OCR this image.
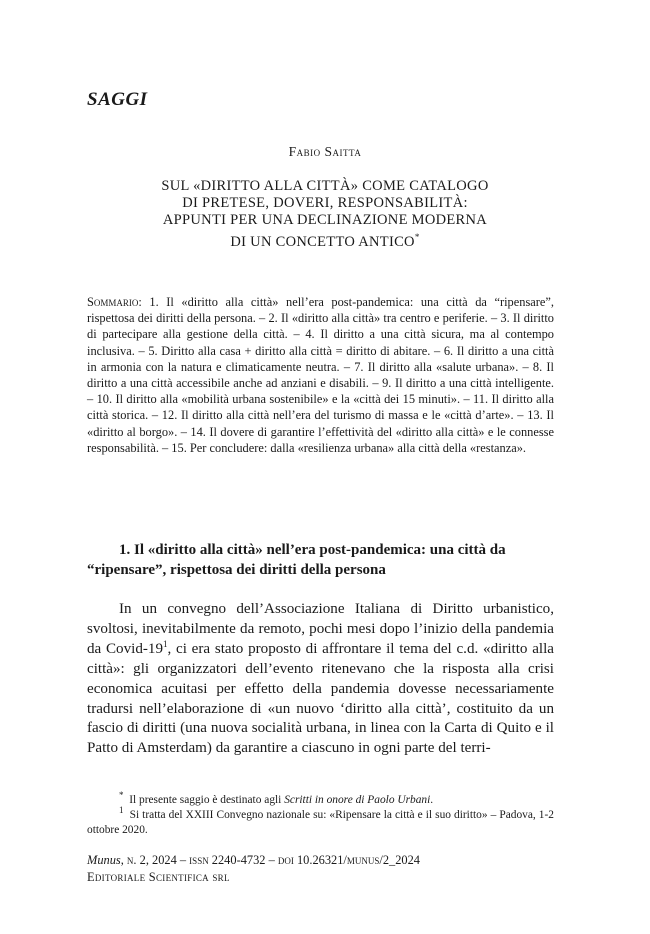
SAGGI

Fabio Saitta

SUL «DIRITTO ALLA CITTÀ» COME CATALOGO
DI PRETESE, DOVERI, RESPONSABILITÀ:
APPUNTI PER UNA DECLINAZIONE MODERNA
DI UN CONCETTO ANTICO*

Sommario: 1. Il «diritto alla città» nell’era post-pandemica: una città da “ripensare”, rispettosa dei diritti della persona. – 2. Il «diritto alla città» tra centro e periferie. – 3. Il diritto di partecipare alla gestione della città. – 4. Il diritto a una città sicura, ma al contempo inclusiva. – 5. Diritto alla casa + diritto alla città = diritto di abitare. – 6. Il diritto a una città in armonia con la natura e climaticamente neutra. – 7. Il diritto alla «salute urbana». – 8. Il diritto a una città accessibile anche ad anziani e disabili. – 9. Il diritto a una città intelligente. – 10. Il diritto alla «mobilità urbana sostenibile» e la «città dei 15 minuti». – 11. Il diritto alla città storica. – 12. Il diritto alla città nell’era del turismo di massa e le «città d’arte». – 13. Il «diritto al borgo». – 14. Il dovere di garantire l’effettività del «diritto alla città» e le connesse responsabilità. – 15. Per concludere: dalla «resilienza urbana» alla città della «restanza».

1. Il «diritto alla città» nell’era post-pandemica: una città da “ripensare”, rispettosa dei diritti della persona

In un convegno dell’Associazione Italiana di Diritto urbanistico, svoltosi, inevitabilmente da remoto, pochi mesi dopo l’inizio della pandemia da Covid-$19^1$, ci era stato proposto di affrontare il tema del c.d. «diritto alla città»: gli organizzatori dell’evento ritenevano che la risposta alla crisi economica acuitasi per effetto della pandemia dovesse necessariamente tradursi nell’elaborazione di «un nuovo ‘diritto alla città’, costituito da un fascio di diritti (una nuova socialità urbana, in linea con la Carta di Quito e il Patto di Amsterdam) da garantire a ciascuno in ogni parte del terri-

* Il presente saggio è destinato agli Scritti in onore di Paolo Urbani.

$^1$ Si tratta del XXIII Convegno nazionale su: «Ripensare la città e il suo diritto» – Padova, 1-2 ottobre 2020.

Munus, n. 2, 2024 – issn 2240-4732 – doi 10.26321/munus/2_2024
Editoriale Scientifica srl
